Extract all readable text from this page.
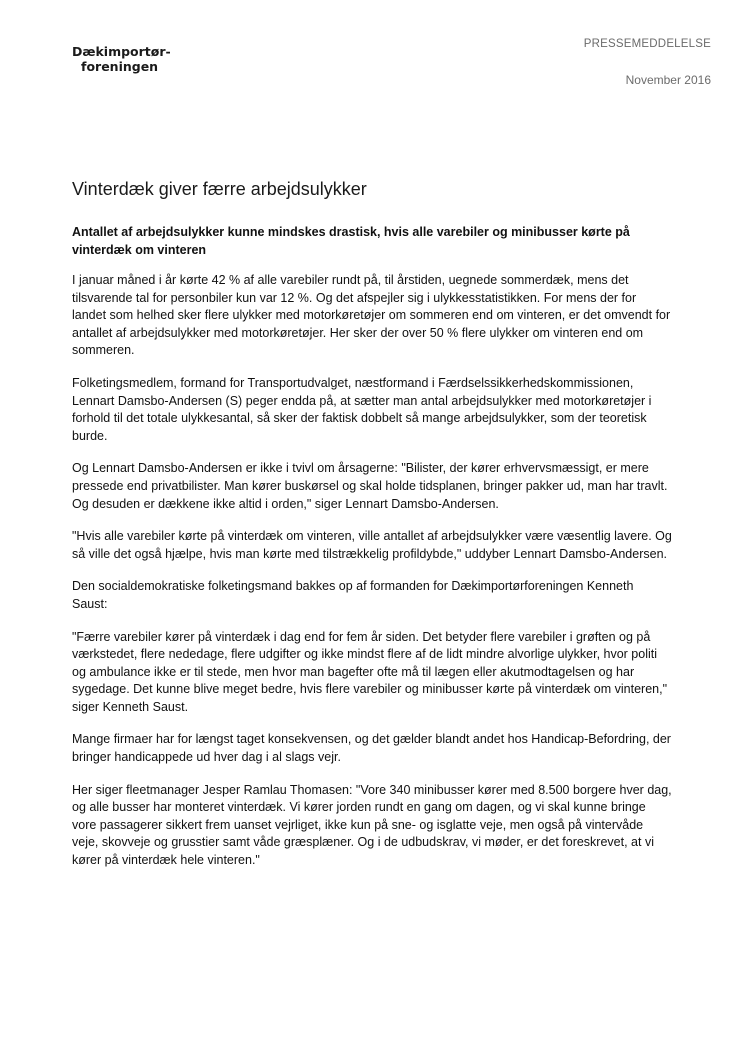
Dækimportør-
foreningen
PRESSEMEDDELELSE
November 2016
Vinterdæk giver færre arbejdsulykker

Antallet af arbejdsulykker kunne mindskes drastisk, hvis alle varebiler og minibusser kørte på vinterdæk om vinteren

I januar måned i år kørte 42 % af alle varebiler rundt på, til årstiden, uegnede sommerdæk, mens det tilsvarende tal for personbiler kun var 12 %. Og det afspejler sig i ulykkesstatistikken. For mens der for landet som helhed sker flere ulykker med motorkøretøjer om sommeren end om vinteren, er det omvendt for antallet af arbejdsulykker med motorkøretøjer. Her sker der over 50 % flere ulykker om vinteren end om sommeren.

Folketingsmedlem, formand for Transportudvalget, næstformand i Færdselssikkerhedskommissionen, Lennart Damsbo-Andersen (S) peger endda på, at sætter man antal arbejdsulykker med motorkøretøjer i forhold til det totale ulykkesantal, så sker der faktisk dobbelt så mange arbejdsulykker, som der teoretisk burde.

Og Lennart Damsbo-Andersen er ikke i tvivl om årsagerne: "Bilister, der kører erhvervsmæssigt, er mere pressede end privatbilister. Man kører buskørsel og skal holde tidsplanen, bringer pakker ud, man har travlt. Og desuden er dækkene ikke altid i orden," siger Lennart Damsbo-Andersen.

"Hvis alle varebiler kørte på vinterdæk om vinteren, ville antallet af arbejdsulykker være væsentlig lavere. Og så ville det også hjælpe, hvis man kørte med tilstrækkelig profildybde," uddyber Lennart Damsbo-Andersen.

Den socialdemokratiske folketingsmand bakkes op af formanden for Dækimportørforeningen Kenneth Saust:

"Færre varebiler kører på vinterdæk i dag end for fem år siden. Det betyder flere varebiler i grøften og på værkstedet, flere nededage, flere udgifter og ikke mindst flere af de lidt mindre alvorlige ulykker, hvor politi og ambulance ikke er til stede, men hvor man bagefter ofte må til lægen eller akutmodtagelsen og har sygedage. Det kunne blive meget bedre, hvis flere varebiler og minibusser kørte på vinterdæk om vinteren," siger Kenneth Saust.

Mange firmaer har for længst taget konsekvensen, og det gælder blandt andet hos Handicap-Befordring, der bringer handicappede ud hver dag i al slags vejr.

Her siger fleetmanager Jesper Ramlau Thomasen: "Vore 340 minibusser kører med 8.500 borgere hver dag, og alle busser har monteret vinterdæk. Vi kører jorden rundt en gang om dagen, og vi skal kunne bringe vore passagerer sikkert frem uanset vejrliget, ikke kun på sne- og isglatte veje, men også på vintervåde veje, skovveje og grusstier samt våde græsplæner. Og i de udbudskrav, vi møder, er det foreskrevet, at vi kører på vinterdæk hele vinteren."
